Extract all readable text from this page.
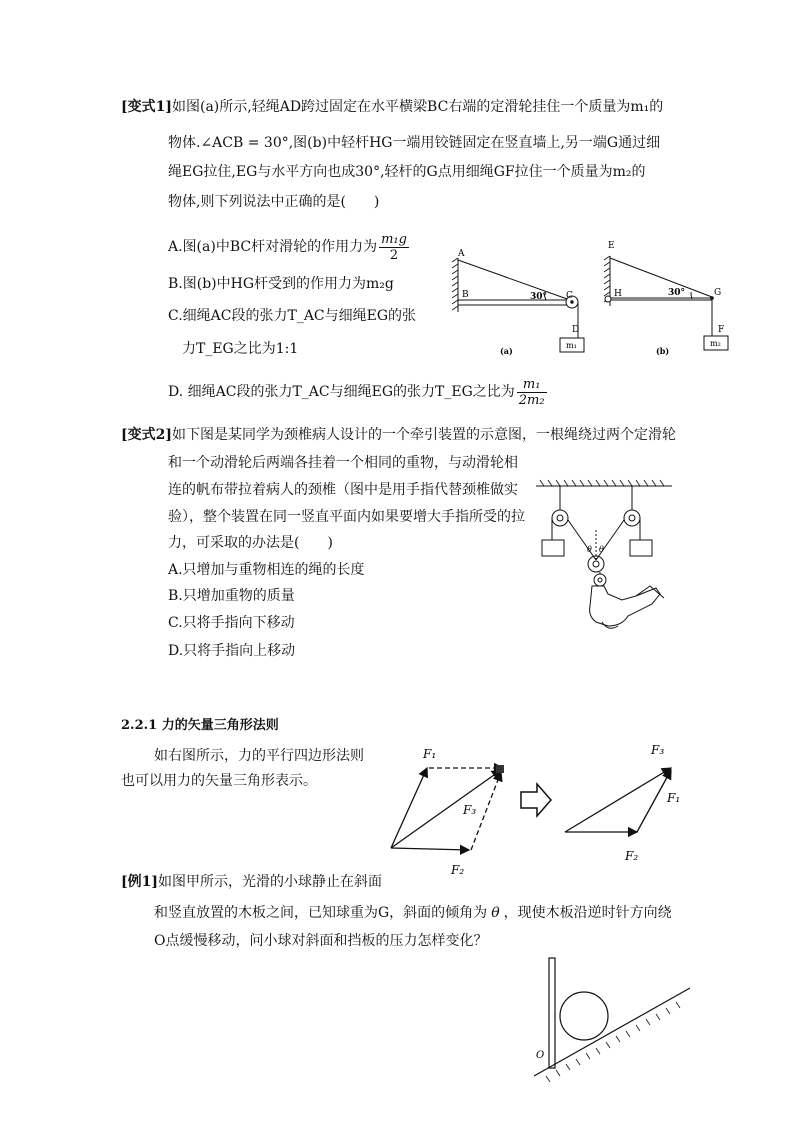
[变式1]如图(a)所示,轻绳AD跨过固定在水平横梁BC右端的定滑轮挂住一个质量为m₁的
物体.∠ACB = 30°,图(b)中轻杆HG一端用铰链固定在竖直墙上,另一端G通过细
绳EG拉住,EG与水平方向也成30°,轻杆的G点用细绳GF拉住一个质量为m₂的
物体,则下列说法中正确的是(　　)
A.图(a)中BC杆对滑轮的作用力为 $\frac{\text{m₁g}}{2}$
B.图(b)中HG杆受到的作用力为m₂g
C.细绳AC段的张力T_AC与细绳EG的张
力T_EG之比为1:1
D. 细绳AC段的张力T_AC与细绳EG的张力T_EG之比为 $\frac{\text{m₁}}{\text{2m₂}}$
A
B	C
D
30°
m₁
(a)
E
H	G
F
30°
m₂
(b)
[变式2]如下图是某同学为颈椎病人设计的一个牵引装置的示意图，一根绳绕过两个定滑轮
和一个动滑轮后两端各挂着一个相同的重物，与动滑轮相
连的帆布带拉着病人的颈椎（图中是用手指代替颈椎做实
验），整个装置在同一竖直平面内如果要增大手指所受的拉
力，可采取的办法是(　　)
A.只增加与重物相连的绳的长度
B.只增加重物的质量
C.只将手指向下移动
D.只将手指向上移动
θ θ
2.2.1 力的矢量三角形法则
如右图所示，力的平行四边形法则
也可以用力的矢量三角形表示。
F₁
F₃
F₂
F₃
F₁
F₂
[例1]如图甲所示，光滑的小球静止在斜面
和竖直放置的木板之间，已知球重为G，斜面的倾角为 θ ，现使木板沿逆时针方向绕
O点缓慢移动，问小球对斜面和挡板的压力怎样变化？
O
